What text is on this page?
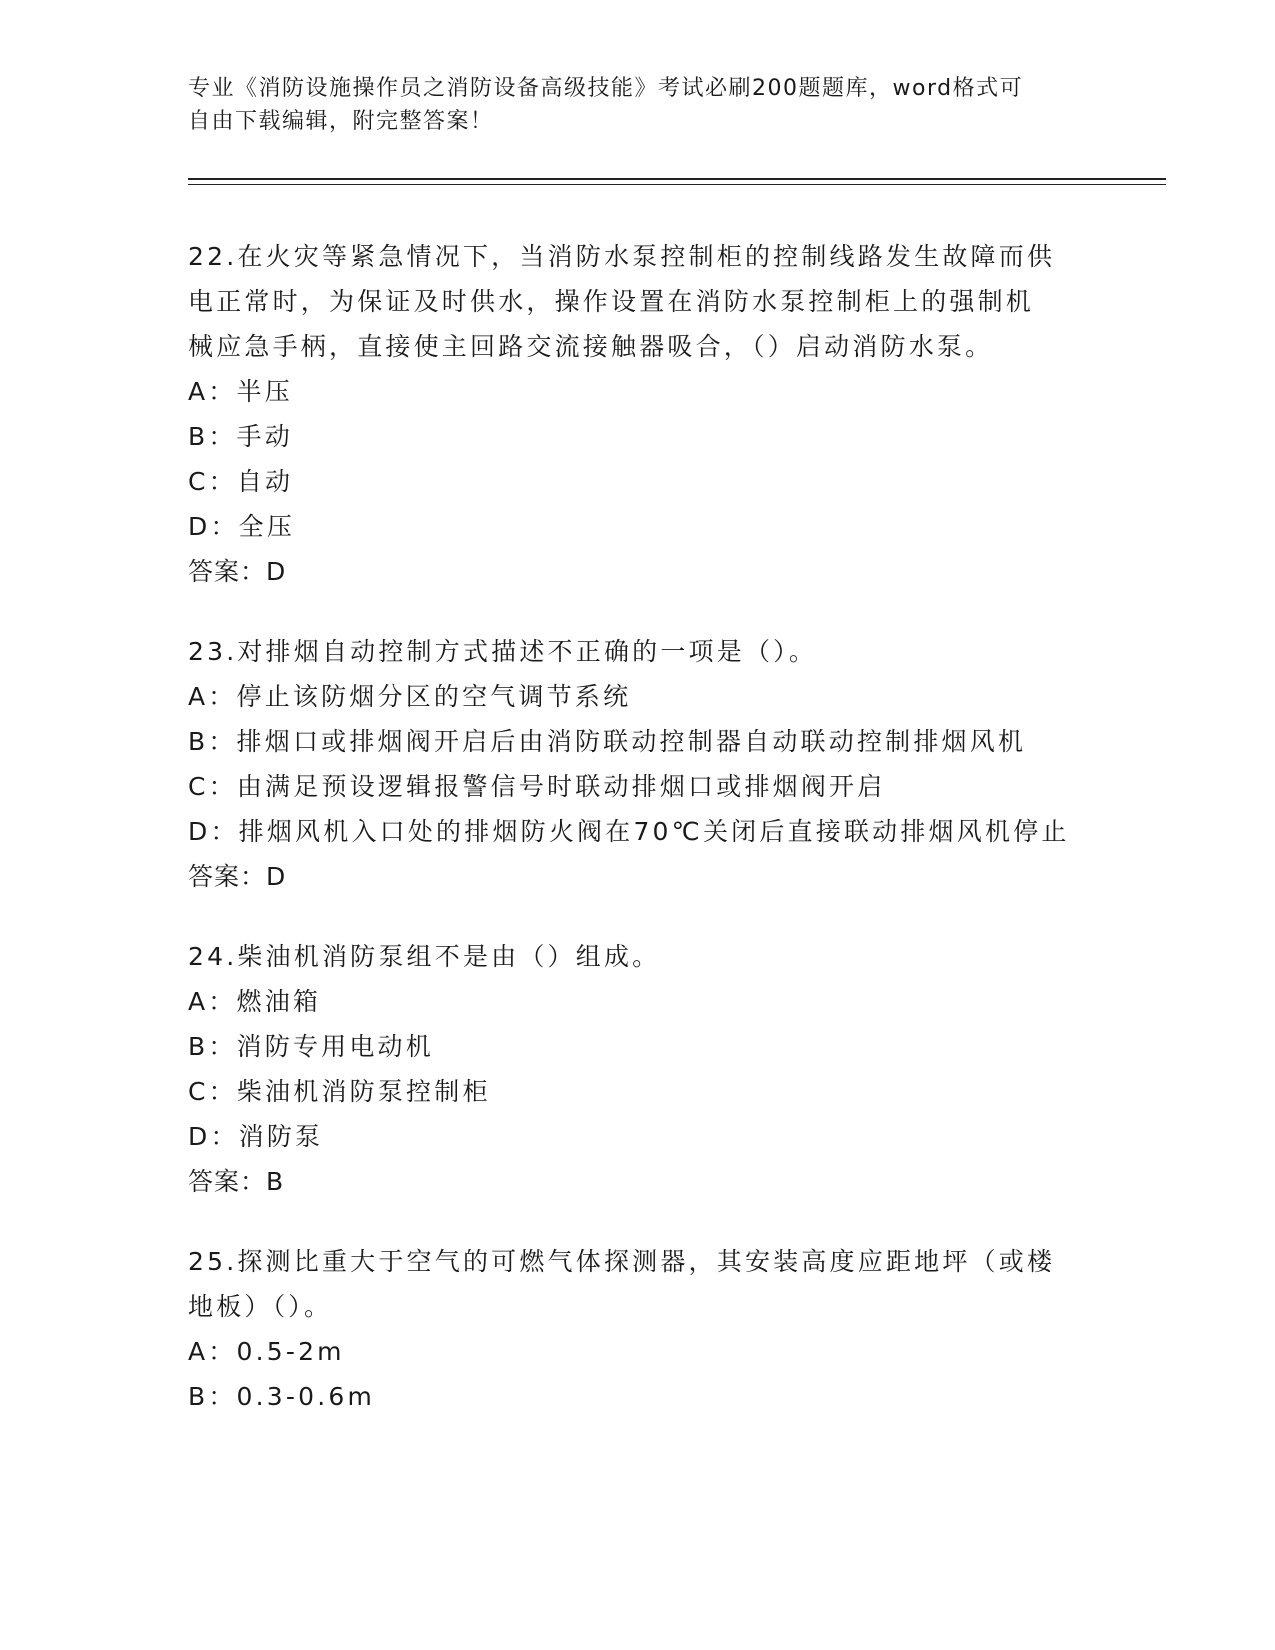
专业《消防设施操作员之消防设备高级技能》考试必刷200题题库，word格式可
自由下载编辑，附完整答案！
22.在火灾等紧急情况下，当消防水泵控制柜的控制线路发生故障而供
电正常时，为保证及时供水，操作设置在消防水泵控制柜上的强制机
械应急手柄，直接使主回路交流接触器吸合，（）启动消防水泵。
A：半压
B：手动
C：自动
D：全压
答案：D
23.对排烟自动控制方式描述不正确的一项是（）。
A：停止该防烟分区的空气调节系统
B：排烟口或排烟阀开启后由消防联动控制器自动联动控制排烟风机
C：由满足预设逻辑报警信号时联动排烟口或排烟阀开启
D：排烟风机入口处的排烟防火阀在70℃关闭后直接联动排烟风机停止
答案：D
24.柴油机消防泵组不是由（）组成。
A：燃油箱
B：消防专用电动机
C：柴油机消防泵控制柜
D：消防泵
答案：B
25.探测比重大于空气的可燃气体探测器，其安装高度应距地坪（或楼
地板）（）。
A：0.5-2m
B：0.3-0.6m
